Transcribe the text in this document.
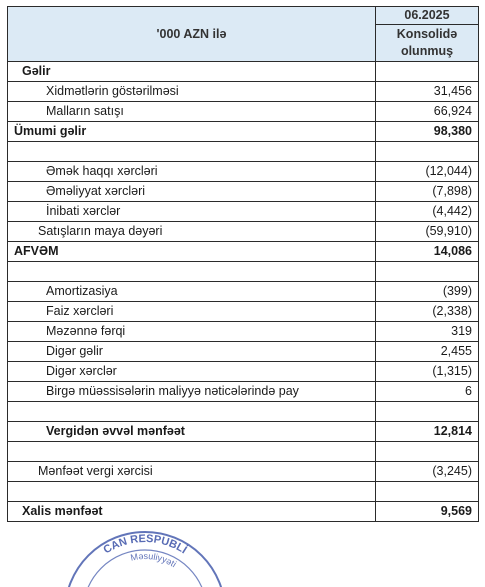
'000 AZN ilə	06.2025

	Konsolidə
olunmuş

Gəlir	
Xidmətlərin göstərilməsi	31,456
Malların satışı	66,924
Ümumi gəlir	98,380

Əmək haqqı xərcləri	(12,044)
Əməliyyat xərcləri	(7,898)
İnibati xərclər	(4,442)
Satışların maya dəyəri	(59,910)
AFVƏM	14,086

Amortizasiya	(399)
Faiz xərcləri	(2,338)
Məzənnə fərqi	319
Digər gəlir	2,455
Digər xərclər	(1,315)
Birgə müəssisələrin maliyyə nəticələrində pay	6

Vergidən əvvəl mənfəət	12,814

Mənfəət vergi xərcisi	(3,245)

Xalis mənfəət	9,569
CAN RESPUBLİ
Məsuliyyəti
